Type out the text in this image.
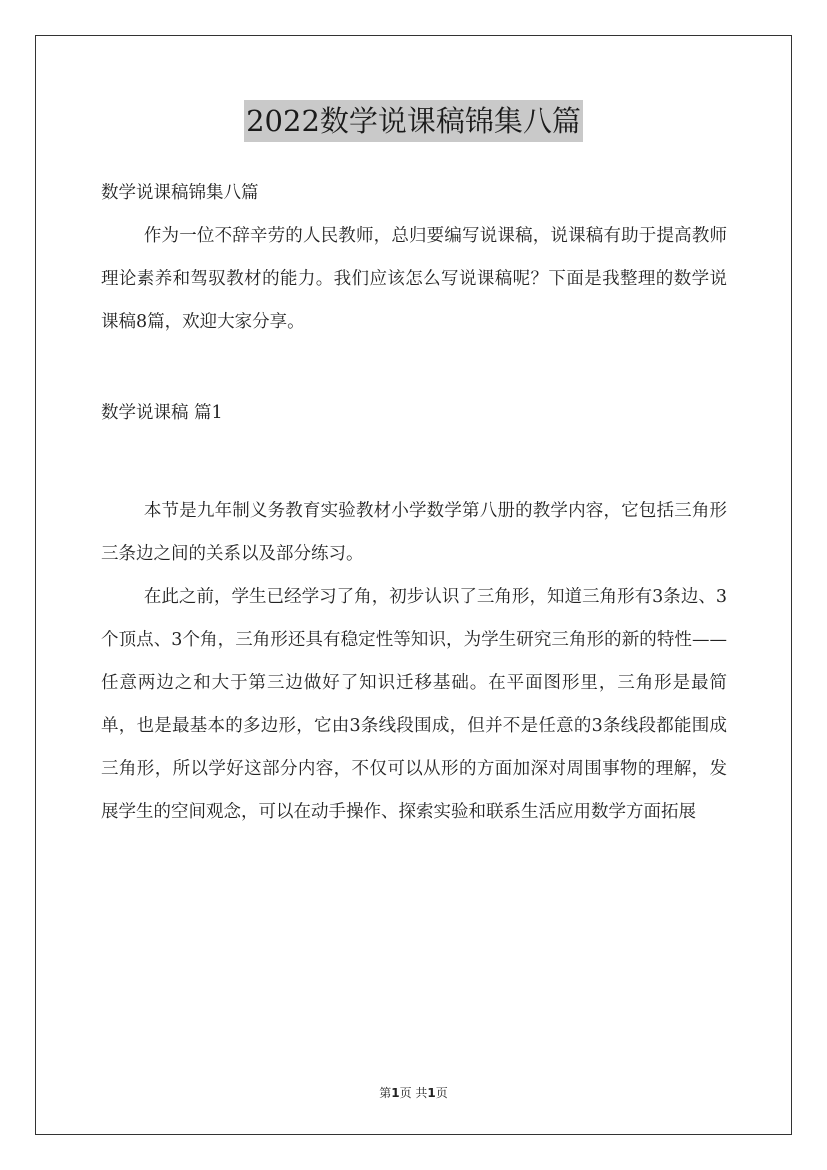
2022数学说课稿锦集八篇

数学说课稿锦集八篇

作为一位不辞辛劳的人民教师，总归要编写说课稿，说课稿有助于提高教师理论素养和驾驭教材的能力。我们应该怎么写说课稿呢？下面是我整理的数学说课稿8篇，欢迎大家分享。

数学说课稿 篇1

本节是九年制义务教育实验教材小学数学第八册的教学内容，它包括三角形三条边之间的关系以及部分练习。

在此之前，学生已经学习了角，初步认识了三角形，知道三角形有3条边、3个顶点、3个角，三角形还具有稳定性等知识，为学生研究三角形的新的特性——任意两边之和大于第三边做好了知识迁移基础。在平面图形里，三角形是最简单，也是最基本的多边形，它由3条线段围成，但并不是任意的3条线段都能围成三角形，所以学好这部分内容，不仅可以从形的方面加深对周围事物的理解，发展学生的空间观念，可以在动手操作、探索实验和联系生活应用数学方面拓展

第1页 共1页
